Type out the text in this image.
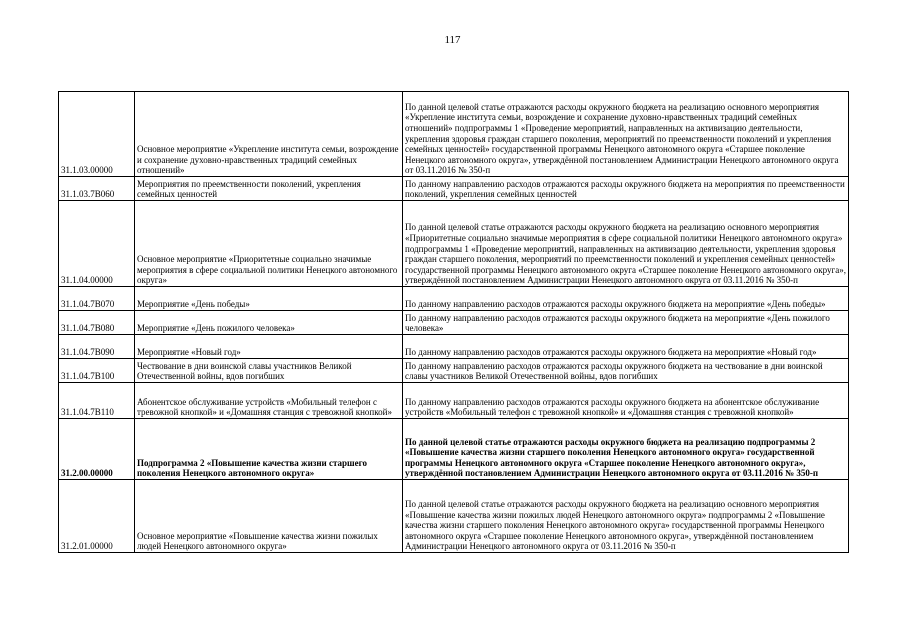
117
31.1.03.00000	Основное мероприятие «Укрепление института семьи, возрождение и сохранение духовно-нравственных традиций семейных отношений»	По данной целевой статье отражаются расходы окружного бюджета на реализацию основного мероприятия «Укрепление института семьи, возрождение и сохранение духовно-нравственных традиций семейных отношений» подпрограммы 1 «Проведение мероприятий, направленных на активизацию деятельности, укрепления здоровья граждан старшего поколения, мероприятий по преемственности поколений и укрепления семейных ценностей» государственной программы Ненецкого автономного округа «Старшее поколение Ненецкого автономного округа», утверждённой постановлением Администрации Ненецкого автономного округа от 03.11.2016 № 350-п
31.1.03.7В060	Мероприятия по преемственности поколений, укрепления семейных ценностей	По данному направлению расходов отражаются расходы окружного бюджета на мероприятия по преемственности поколений, укрепления семейных ценностей
31.1.04.00000	Основное мероприятие «Приоритетные социально значимые мероприятия в сфере социальной политики Ненецкого автономного округа»	По данной целевой статье отражаются расходы окружного бюджета на реализацию основного мероприятия «Приоритетные социально значимые мероприятия в сфере социальной политики Ненецкого автономного округа» подпрограммы 1 «Проведение мероприятий, направленных на активизацию деятельности, укрепления здоровья граждан старшего поколения, мероприятий по преемственности поколений и укрепления семейных ценностей» государственной программы Ненецкого автономного округа «Старшее поколение Ненецкого автономного округа», утверждённой постановлением Администрации Ненецкого автономного округа от 03.11.2016 № 350-п
31.1.04.7В070	Мероприятие «День победы»	По данному направлению расходов отражаются расходы окружного бюджета на мероприятие «День победы»
31.1.04.7В080	Мероприятие «День пожилого человека»	По данному направлению расходов отражаются расходы окружного бюджета на мероприятие «День пожилого человека»
31.1.04.7В090	Мероприятие «Новый год»	По данному направлению расходов отражаются расходы окружного бюджета на мероприятие «Новый год»
31.1.04.7В100	Чествование в дни воинской славы участников Великой Отечественной войны, вдов погибших	По данному направлению расходов отражаются расходы окружного бюджета на чествование в дни воинской славы участников Великой Отечественной войны, вдов погибших
31.1.04.7В110	Абонентское обслуживание устройств «Мобильный телефон с тревожной кнопкой» и «Домашняя станция с тревожной кнопкой»	По данному направлению расходов отражаются расходы окружного бюджета на абонентское обслуживание устройств «Мобильный телефон с тревожной кнопкой» и «Домашняя станция с тревожной кнопкой»
31.2.00.00000	Подпрограмма 2 «Повышение качества жизни старшего поколения Ненецкого автономного округа»	По данной целевой статье отражаются расходы окружного бюджета на реализацию подпрограммы 2 «Повышение качества жизни старшего поколения Ненецкого автономного округа» государственной программы Ненецкого автономного округа «Старшее поколение Ненецкого автономного округа», утверждённой постановлением Администрации Ненецкого автономного округа от 03.11.2016 № 350-п
31.2.01.00000	Основное мероприятие «Повышение качества жизни пожилых людей Ненецкого автономного округа»	По данной целевой статье отражаются расходы окружного бюджета на реализацию основного мероприятия «Повышение качества жизни пожилых людей Ненецкого автономного округа» подпрограммы 2 «Повышение качества жизни старшего поколения Ненецкого автономного округа» государственной программы Ненецкого автономного округа «Старшее поколение Ненецкого автономного округа», утверждённой постановлением Администрации Ненецкого автономного округа от 03.11.2016 № 350-п
